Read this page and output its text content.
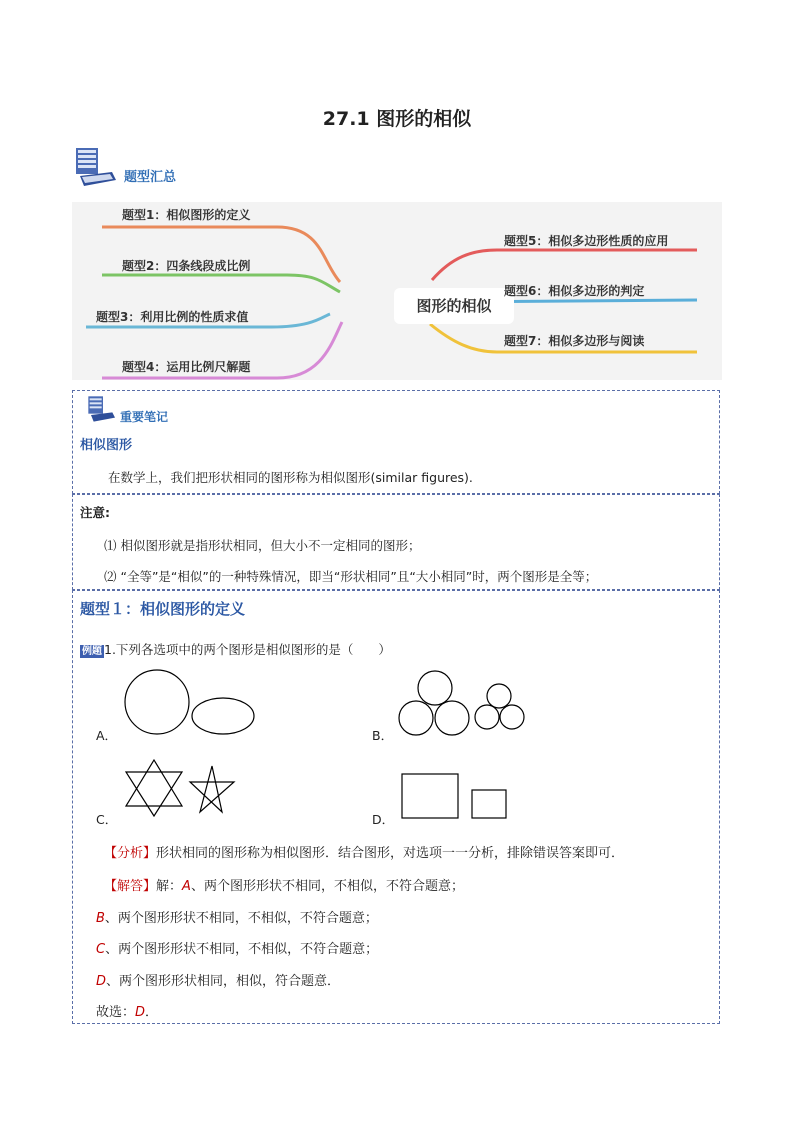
27.1 图形的相似
题型汇总
题型1：相似图形的定义
题型2：四条线段成比例
题型3：利用比例的性质求值
题型4：运用比例尺解题
图形的相似
题型5：相似多边形性质的应用
题型6：相似多边形的判定
题型7：相似多边形与阅读
重要笔记
相似图形
在数学上，我们把形状相同的图形称为相似图形(similar figures).
注意:
⑴ 相似图形就是指形状相同，但大小不一定相同的图形；
⑵ “全等”是“相似”的一种特殊情况，即当“形状相同”且“大小相同”时，两个图形是全等；
题型１：相似图形的定义
例题 1.下列各选项中的两个图形是相似图形的是（　　）
A．	B．
C．	D．
【分析】形状相同的图形称为相似图形．结合图形，对选项一一分析，排除错误答案即可．
【解答】解：A、两个图形形状不相同，不相似，不符合题意；
B、两个图形形状不相同，不相似，不符合题意；
C、两个图形形状不相同，不相似，不符合题意；
D、两个图形形状相同，相似，符合题意．
故选：D．
